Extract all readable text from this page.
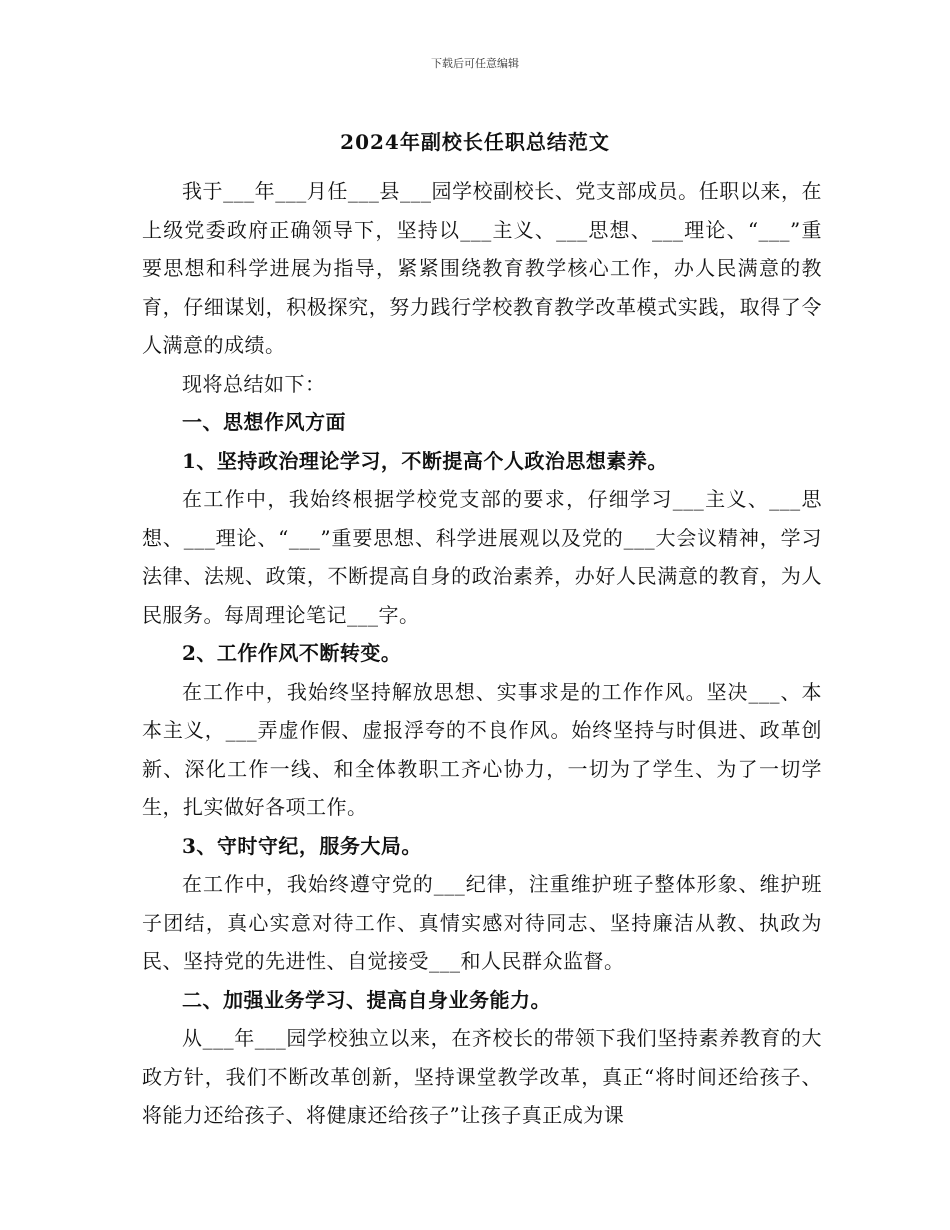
下载后可任意编辑
2024年副校长任职总结范文

我于___年___月任___县___园学校副校长、党支部成员。任职以来，在上级党委政府正确领导下，坚持以___主义、___思想、___理论、“___”重要思想和科学进展为指导，紧紧围绕教育教学核心工作，办人民满意的教育，仔细谋划，积极探究，努力践行学校教育教学改革模式实践，取得了令人满意的成绩。

现将总结如下：

一、思想作风方面

1、坚持政治理论学习，不断提高个人政治思想素养。

在工作中，我始终根据学校党支部的要求，仔细学习___主义、___思想、___理论、“___”重要思想、科学进展观以及党的___大会议精神，学习法律、法规、政策，不断提高自身的政治素养，办好人民满意的教育，为人民服务。每周理论笔记___字。

2、工作作风不断转变。

在工作中，我始终坚持解放思想、实事求是的工作作风。坚决___、本本主义，___弄虚作假、虚报浮夸的不良作风。始终坚持与时俱进、政革创新、深化工作一线、和全体教职工齐心协力，一切为了学生、为了一切学生，扎实做好各项工作。

3、守时守纪，服务大局。

在工作中，我始终遵守党的___纪律，注重维护班子整体形象、维护班子团结，真心实意对待工作、真情实感对待同志、坚持廉洁从教、执政为民、坚持党的先进性、自觉接受___和人民群众监督。

二、加强业务学习、提高自身业务能力。

从___年___园学校独立以来，在齐校长的带领下我们坚持素养教育的大政方针，我们不断改革创新，坚持课堂教学改革，真正“将时间还给孩子、将能力还给孩子、将健康还给孩子”让孩子真正成为课
